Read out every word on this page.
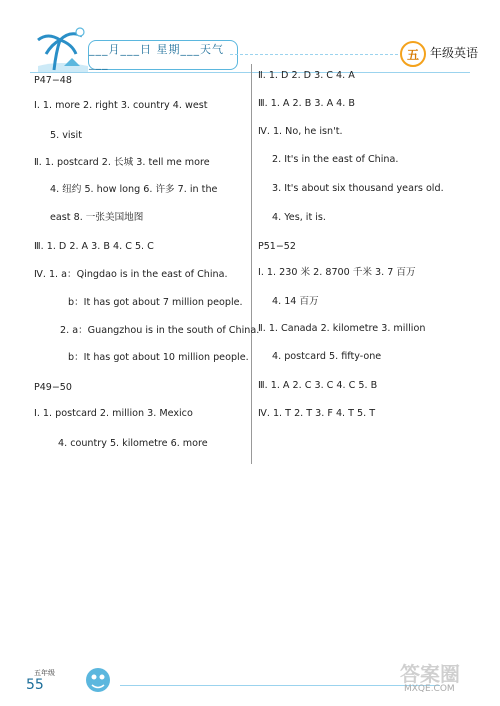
___月___日 星期___天气___
五 年级英语
P47−48
Ⅰ. 1. more 2. right 3. country 4. west
5. visit
Ⅱ. 1. postcard 2. 长城 3. tell me more
4. 纽约 5. how long 6. 许多 7. in the
east 8. 一张美国地图
Ⅲ. 1. D 2. A 3. B 4. C 5. C
Ⅳ. 1. a：Qingdao is in the east of China.
b：It has got about 7 million people.
2. a：Guangzhou is in the south of China.
b：It has got about 10 million people.
P49−50
Ⅰ. 1. postcard 2. million 3. Mexico
4. country 5. kilometre 6. more
Ⅱ. 1. D 2. D 3. C 4. A
Ⅲ. 1. A 2. B 3. A 4. B
Ⅳ. 1. No, he isn't.
2. It's in the east of China.
3. It's about six thousand years old.
4. Yes, it is.
P51−52
Ⅰ. 1. 230 米 2. 8700 千米 3. 7 百万
4. 14 百万
Ⅱ. 1. Canada 2. kilometre 3. million
4. postcard 5. fifty-one
Ⅲ. 1. A 2. C 3. C 4. C 5. B
Ⅳ. 1. T 2. T 3. F 4. T 5. T
五年级
55	答案圈
MXQE.COM
